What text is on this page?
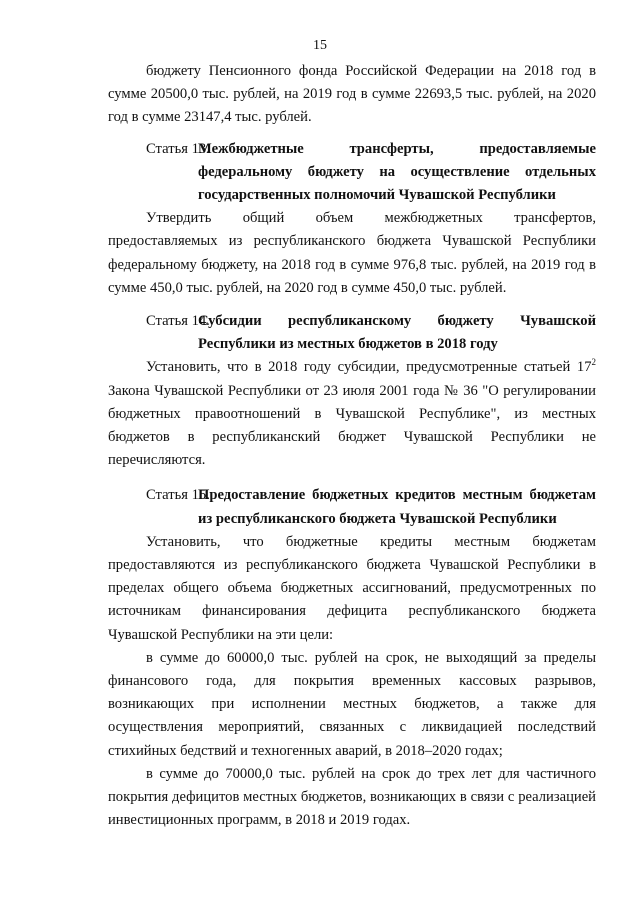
15

бюджету Пенсионного фонда Российской Федерации на 2018 год в сумме 20500,0 тыс. рублей, на 2019 год в сумме 22693,5 тыс. рублей, на 2020 год в сумме 23147,4 тыс. рублей.

Статья 13.
Межбюджетные трансферты, предоставляемые федеральному бюджету на осуществление отдельных государственных полномочий Чувашской Республики

Утвердить общий объем межбюджетных трансфертов, предоставляемых из республиканского бюджета Чувашской Республики федеральному бюджету, на 2018 год в сумме 976,8 тыс. рублей, на 2019 год в сумме 450,0 тыс. рублей, на 2020 год в сумме 450,0 тыс. рублей.

Статья 14.
Субсидии республиканскому бюджету Чувашской Республики из местных бюджетов в 2018 году

Установить, что в 2018 году субсидии, предусмотренные статьей $17^2$ Закона Чувашской Республики от 23 июля 2001 года № 36 "О регулировании бюджетных правоотношений в Чувашской Республике", из местных бюджетов в республиканский бюджет Чувашской Республики не перечисляются.

Статья 15.
Предоставление бюджетных кредитов местным бюджетам из республиканского бюджета Чувашской Республики

Установить, что бюджетные кредиты местным бюджетам предоставляются из республиканского бюджета Чувашской Республики в пределах общего объема бюджетных ассигнований, предусмотренных по источникам финансирования дефицита республиканского бюджета Чувашской Республики на эти цели:

в сумме до 60000,0 тыс. рублей на срок, не выходящий за пределы финансового года, для покрытия временных кассовых разрывов, возникающих при исполнении местных бюджетов, а также для осуществления мероприятий, связанных с ликвидацией последствий стихийных бедствий и техногенных аварий, в 2018–2020 годах;

в сумме до 70000,0 тыс. рублей на срок до трех лет для частичного покрытия дефицитов местных бюджетов, возникающих в связи с реализацией инвестиционных программ, в 2018 и 2019 годах.
